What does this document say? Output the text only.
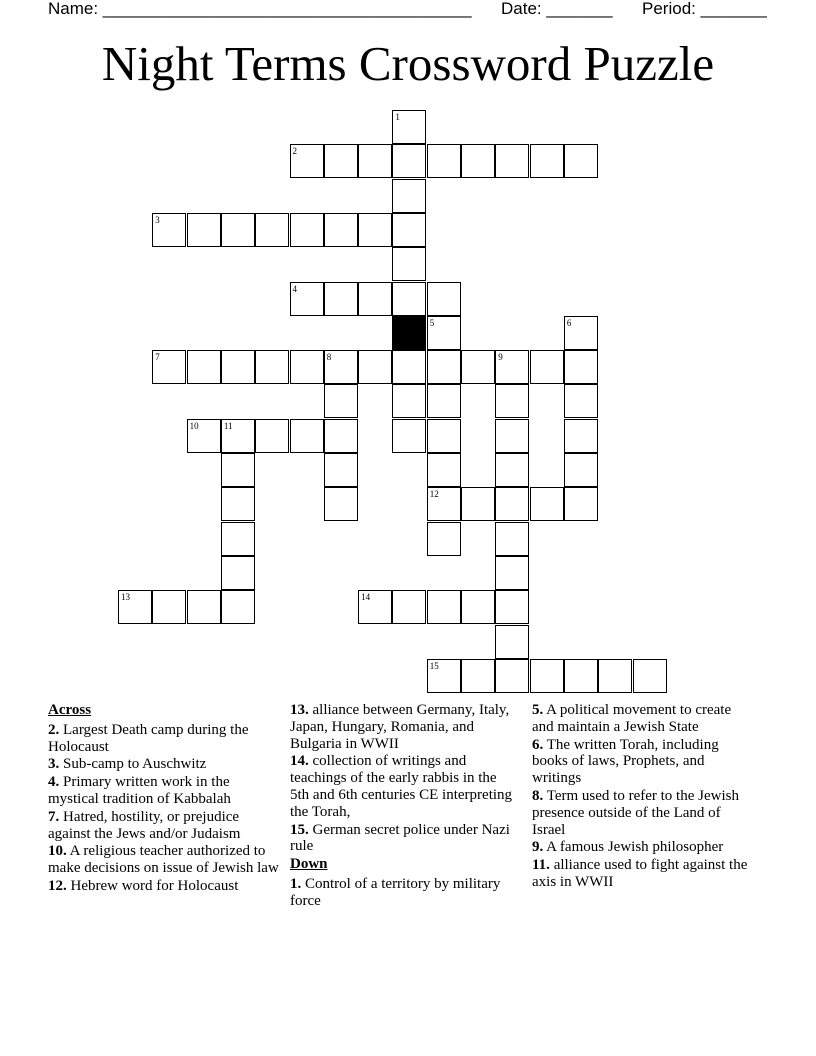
Name: _______________________________________ Date: _______ Period: _______
Night Terms Crossword Puzzle
1
2
3
4
5
12
6
7	8	9
10	11
13	14
15
Across
2. Largest Death camp during the Holocaust
3. Sub-camp to Auschwitz
4. Primary written work in the mystical tradition of Kabbalah
7. Hatred, hostility, or prejudice against the Jews and/or Judaism
10. A religious teacher authorized to make decisions on issue of Jewish law
12. Hebrew word for Holocaust
13. alliance between Germany, Italy, Japan, Hungary, Romania, and Bulgaria in WWII
14. collection of writings and teachings of the early rabbis in the 5th and 6th centuries CE interpreting the Torah,
15. German secret police under Nazi rule
Down
1. Control of a territory by military force
5. A political movement to create and maintain a Jewish State
6. The written Torah, including books of laws, Prophets, and writings
8. Term used to refer to the Jewish presence outside of the Land of Israel
9. A famous Jewish philosopher
11. alliance used to fight against the axis in WWII
